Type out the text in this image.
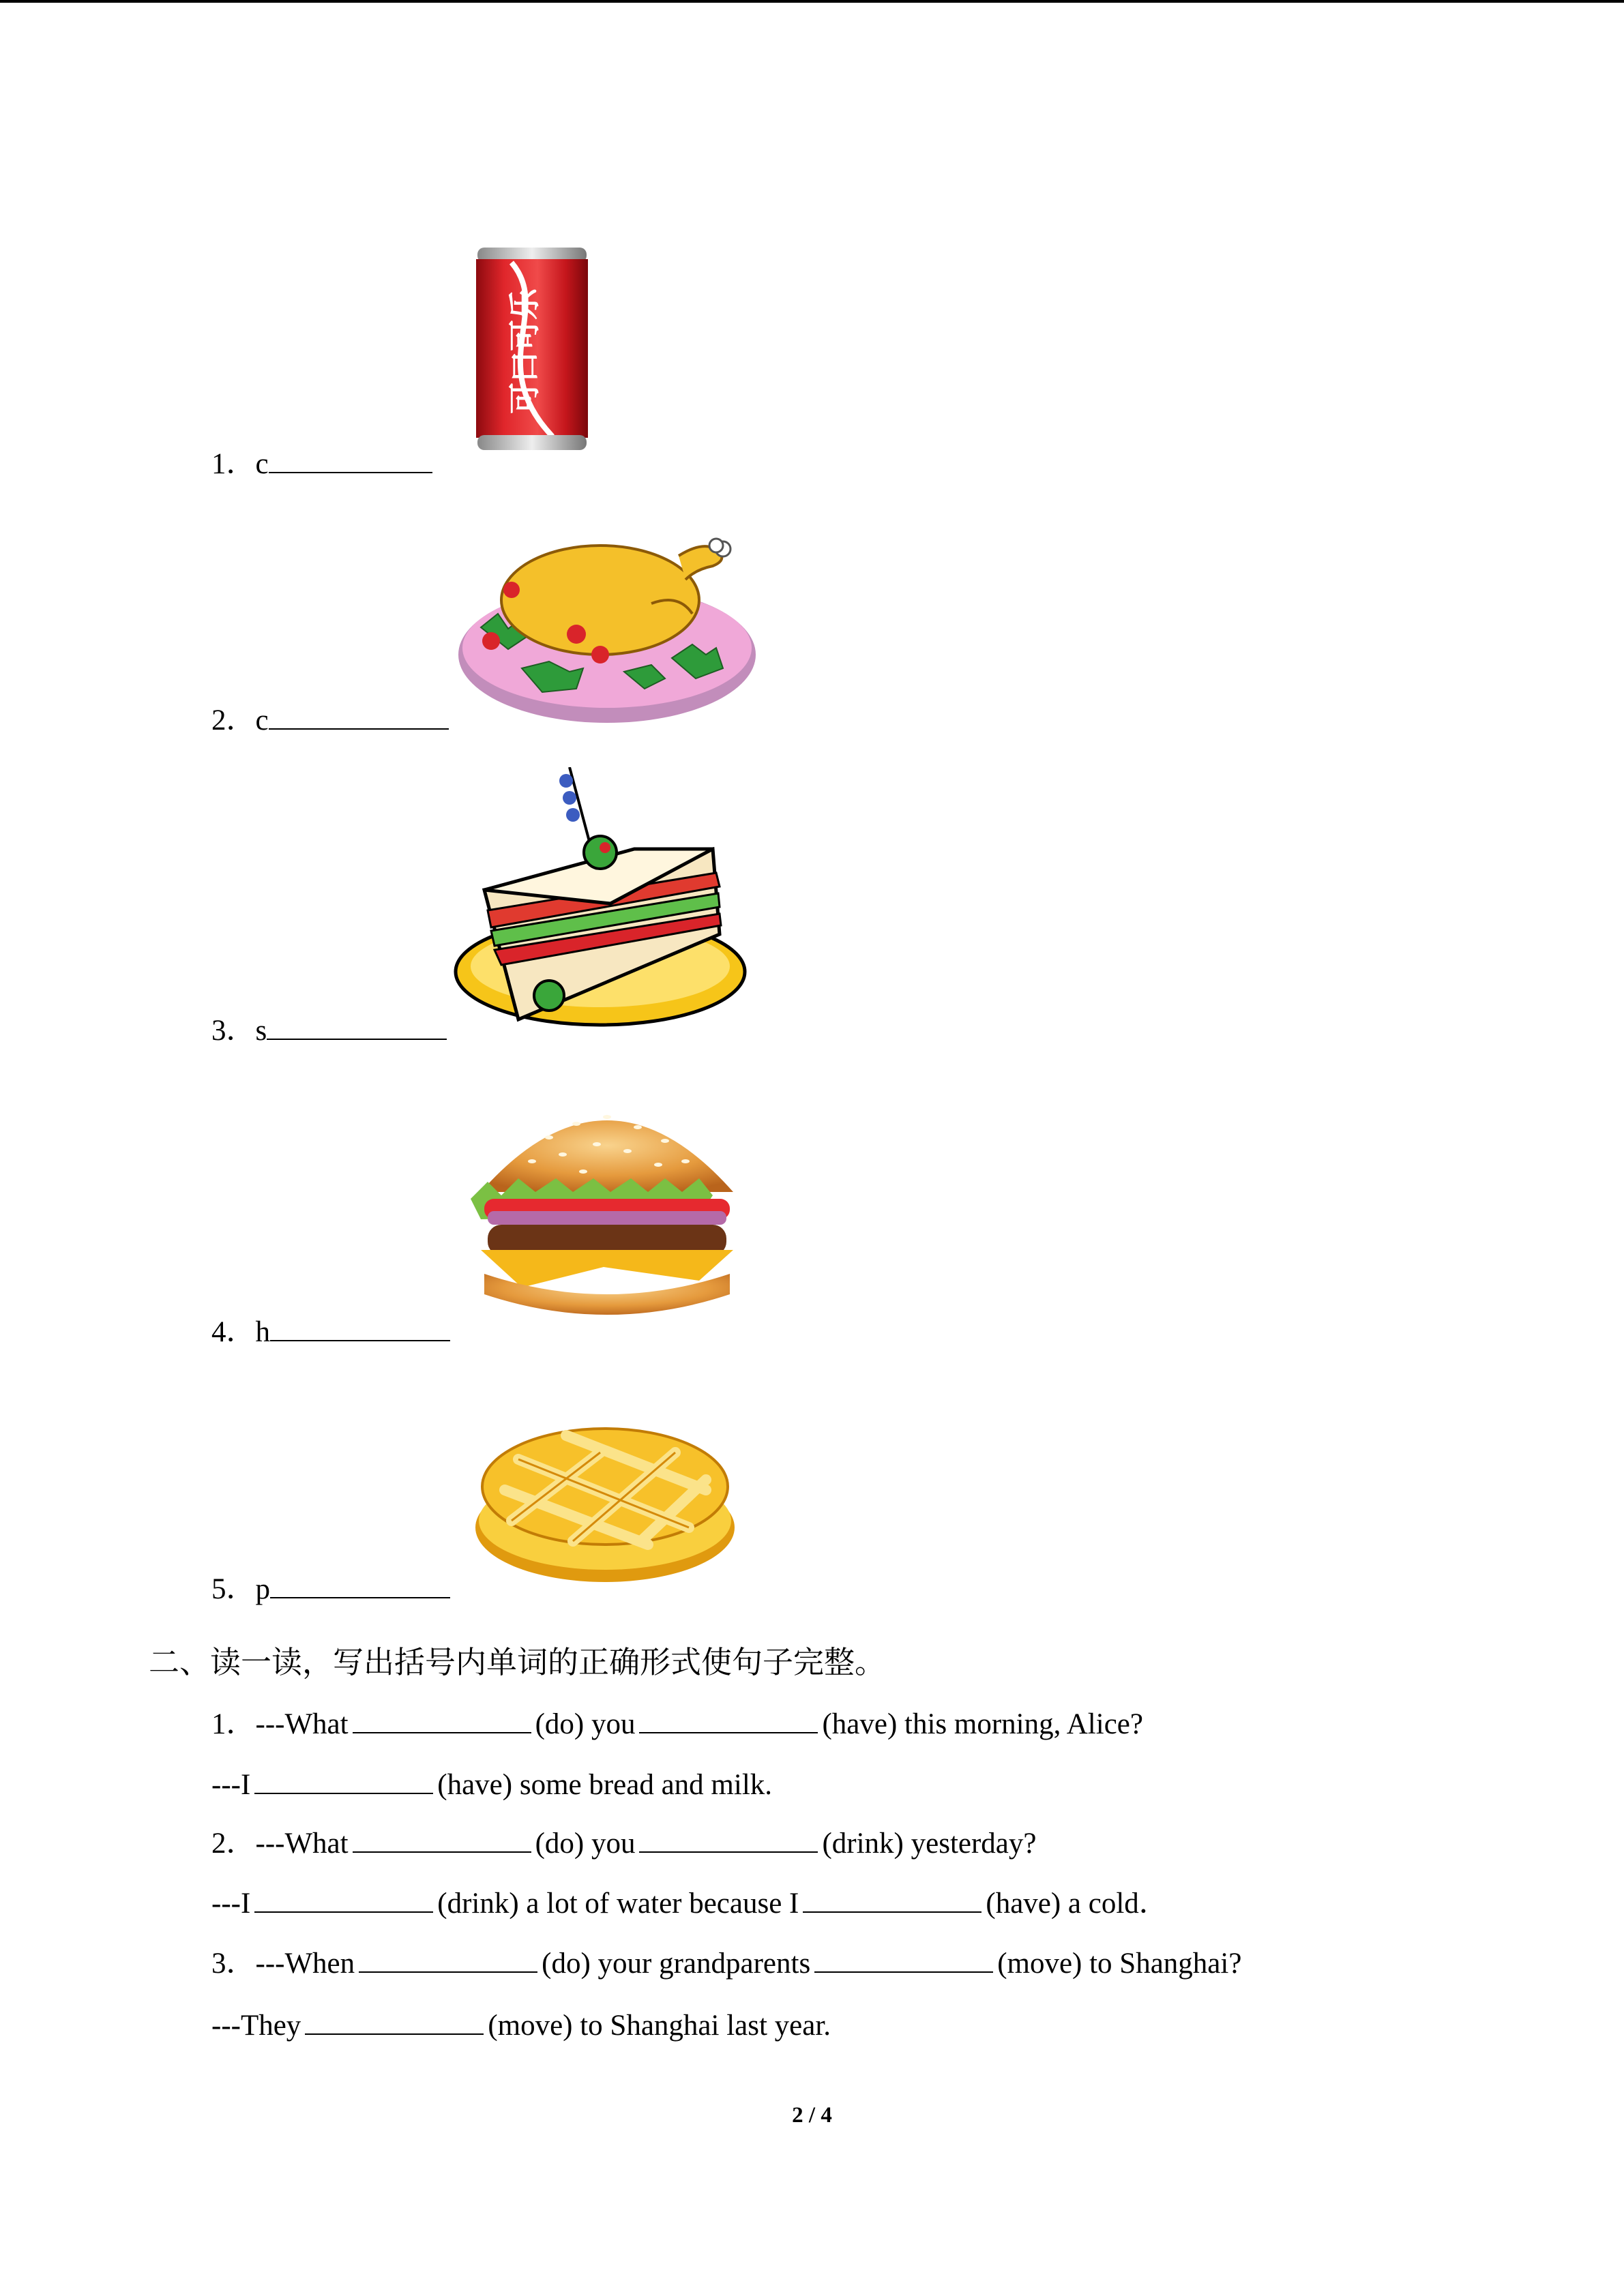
可口可乐
1．c
2．c
3．s
4．h
5．p
二、读一读，写出括号内单词的正确形式使句子完整。
1．---What	(do) you	(have) this morning, Alice?
---I	(have) some bread and milk.
2．---What	(do) you	(drink) yesterday?
---I	(drink) a lot of water because I	(have) a cold．
3．---When	(do) your grandparents	(move) to Shanghai?
---They	(move) to Shanghai last year.
2 / 4
